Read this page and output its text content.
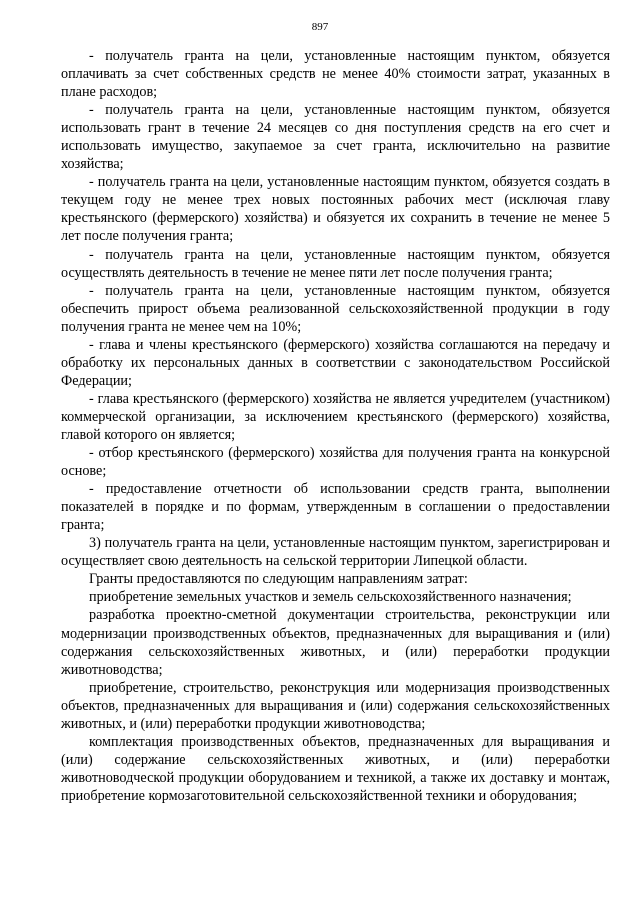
897

- получатель гранта на цели, установленные настоящим пунктом, обязуется оплачивать за счет собственных средств не менее 40% стоимости затрат, указанных в плане расходов;

- получатель гранта на цели, установленные настоящим пунктом, обязуется использовать грант в течение 24 месяцев со дня поступления средств на его счет и использовать имущество, закупаемое за счет гранта, исключительно на развитие хозяйства;

- получатель гранта на цели, установленные настоящим пунктом, обязуется создать в текущем году не менее трех новых постоянных рабочих мест (исключая главу крестьянского (фермерского) хозяйства) и обязуется их сохранить в течение не менее 5 лет после получения гранта;

- получатель гранта на цели, установленные настоящим пунктом, обязуется осуществлять деятельность в течение не менее пяти лет после получения гранта;

- получатель гранта на цели, установленные настоящим пунктом, обязуется обеспечить прирост объема реализованной сельскохозяйственной продукции в году получения гранта не менее чем на 10%;

- глава и члены крестьянского (фермерского) хозяйства соглашаются на передачу и обработку их персональных данных в соответствии с законодательством Российской Федерации;

- глава крестьянского (фермерского) хозяйства не является учредителем (участником) коммерческой организации, за исключением крестьянского (фермерского) хозяйства, главой которого он является;

- отбор крестьянского (фермерского) хозяйства для получения гранта на конкурсной основе;

- предоставление отчетности об использовании средств гранта, выполнении показателей в порядке и по формам, утвержденным в соглашении о предоставлении гранта;

3) получатель гранта на цели, установленные настоящим пунктом, зарегистрирован и осуществляет свою деятельность на сельской территории Липецкой области.

Гранты предоставляются по следующим направлениям затрат:

приобретение земельных участков и земель сельскохозяйственного назначения;

разработка проектно-сметной документации строительства, реконструкции или модернизации производственных объектов, предназначенных для выращивания и (или) содержания сельскохозяйственных животных, и (или) переработки продукции животноводства;

приобретение, строительство, реконструкция или модернизация производственных объектов, предназначенных для выращивания и (или) содержания сельскохозяйственных животных, и (или) переработки продукции животноводства;

комплектация производственных объектов, предназначенных для выращивания и (или) содержание сельскохозяйственных животных, и (или) переработки животноводческой продукции оборудованием и техникой, а также их доставку и монтаж, приобретение кормозаготовительной сельскохозяйственной техники и оборудования;
